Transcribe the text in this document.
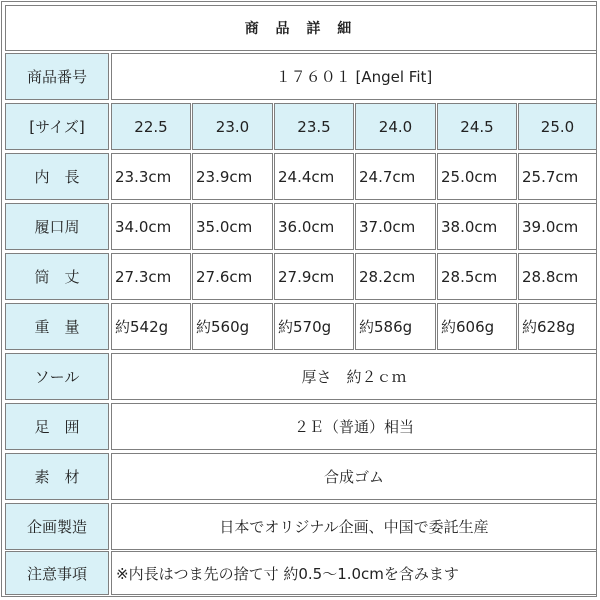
商 品 詳 細
商品番号	１７６０１ [Angel Fit]
[サイズ]	22.5	23.0	23.5	24.0	24.5	25.0
内　長	23.3cm	23.9cm	24.4cm	24.7cm	25.0cm	25.7cm
履口周	34.0cm	35.0cm	36.0cm	37.0cm	38.0cm	39.0cm
筒　丈	27.3cm	27.6cm	27.9cm	28.2cm	28.5cm	28.8cm
重　量	約542g	約560g	約570g	約586g	約606g	約628g
ソール	厚さ　約２ｃｍ
足　囲	２Ｅ（普通）相当
素　材	合成ゴム
企画製造	日本でオリジナル企画、中国で委託生産
注意事項	※内長はつま先の捨て寸 約0.5～1.0cmを含みます
